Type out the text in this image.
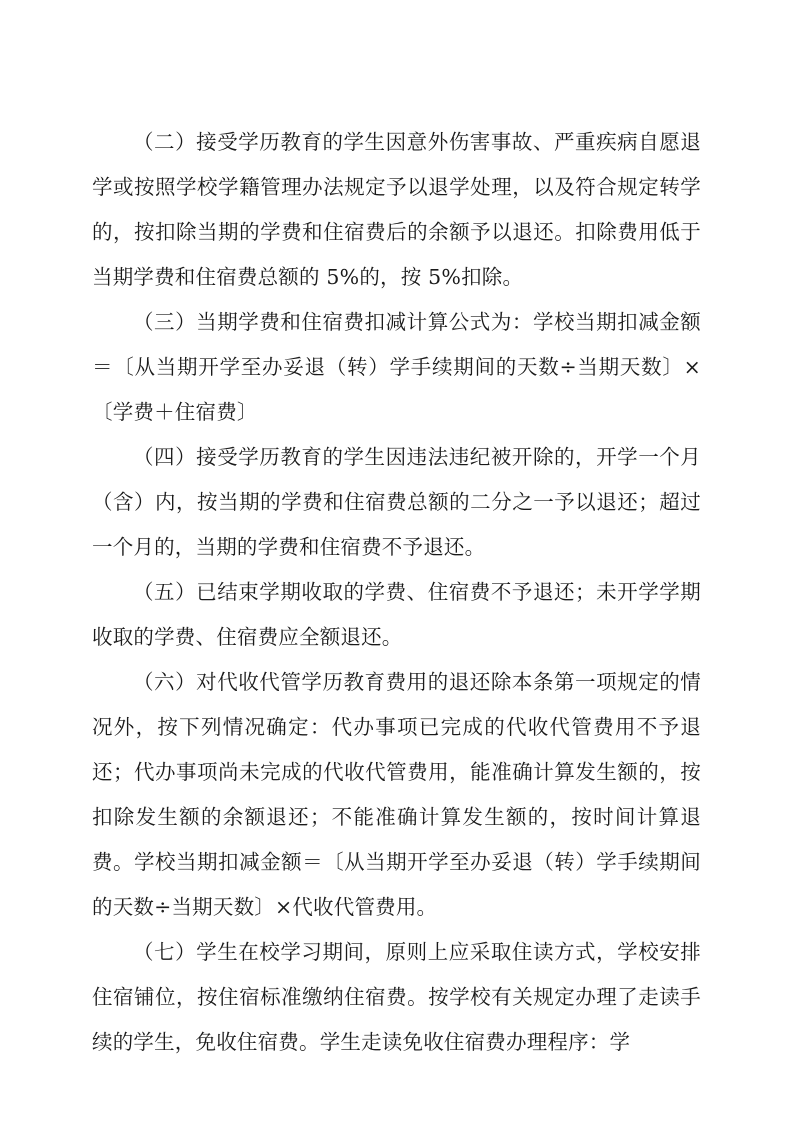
（二）接受学历教育的学生因意外伤害事故、严重疾病自愿退学或按照学校学籍管理办法规定予以退学处理，以及符合规定转学的，按扣除当期的学费和住宿费后的余额予以退还。扣除费用低于当期学费和住宿费总额的 5%的，按 5%扣除。

（三）当期学费和住宿费扣减计算公式为：学校当期扣减金额＝〔从当期开学至办妥退（转）学手续期间的天数÷当期天数〕×〔学费＋住宿费〕

（四）接受学历教育的学生因违法违纪被开除的，开学一个月（含）内，按当期的学费和住宿费总额的二分之一予以退还；超过一个月的，当期的学费和住宿费不予退还。

（五）已结束学期收取的学费、住宿费不予退还；未开学学期收取的学费、住宿费应全额退还。

（六）对代收代管学历教育费用的退还除本条第一项规定的情况外，按下列情况确定：代办事项已完成的代收代管费用不予退还；代办事项尚未完成的代收代管费用，能准确计算发生额的，按扣除发生额的余额退还；不能准确计算发生额的，按时间计算退费。学校当期扣减金额＝〔从当期开学至办妥退（转）学手续期间的天数÷当期天数〕×代收代管费用。

（七）学生在校学习期间，原则上应采取住读方式，学校安排住宿铺位，按住宿标准缴纳住宿费。按学校有关规定办理了走读手续的学生，免收住宿费。学生走读免收住宿费办理程序：学
